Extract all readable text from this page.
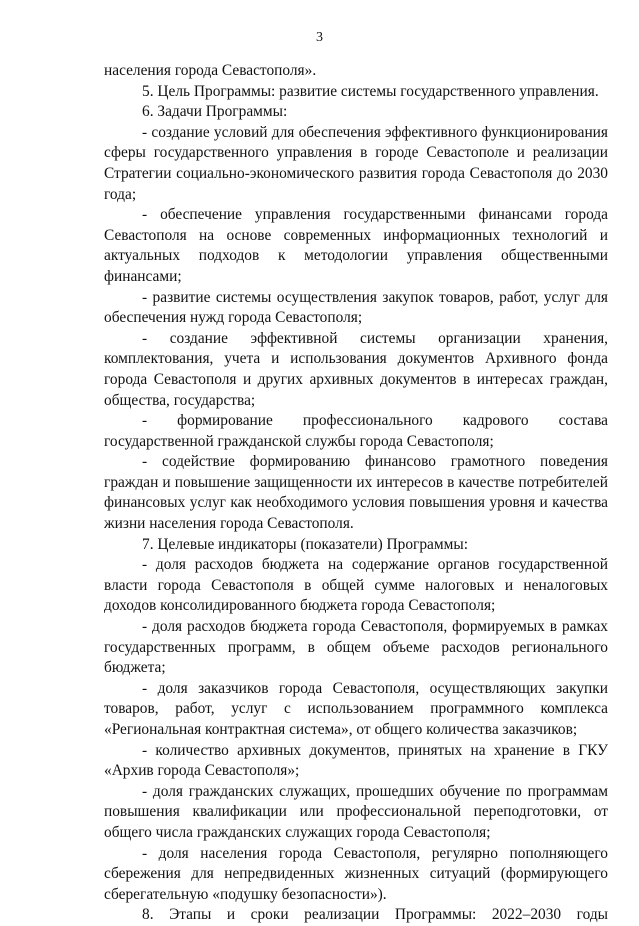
3

населения города Севастополя».

5. Цель Программы: развитие системы государственного управления.

6. Задачи Программы:

- создание условий для обеспечения эффективного функционирования сферы государственного управления в городе Севастополе и реализации Стратегии социально-экономического развития города Севастополя до 2030 года;

- обеспечение управления государственными финансами города Севастополя на основе современных информационных технологий и актуальных подходов к методологии управления общественными финансами;

- развитие системы осуществления закупок товаров, работ, услуг для обеспечения нужд города Севастополя;

- создание эффективной системы организации хранения, комплектования, учета и использования документов Архивного фонда города Севастополя и других архивных документов в интересах граждан, общества, государства;

- формирование профессионального кадрового состава государственной гражданской службы города Севастополя;

- содействие формированию финансово грамотного поведения граждан и повышение защищенности их интересов в качестве потребителей финансовых услуг как необходимого условия повышения уровня и качества жизни населения города Севастополя.

7. Целевые индикаторы (показатели) Программы:

- доля расходов бюджета на содержание органов государственной власти города Севастополя в общей сумме налоговых и неналоговых доходов консолидированного бюджета города Севастополя;

- доля расходов бюджета города Севастополя, формируемых в рамках государственных программ, в общем объеме расходов регионального бюджета;

- доля заказчиков города Севастополя, осуществляющих закупки товаров, работ, услуг с использованием программного комплекса «Региональная контрактная система», от общего количества заказчиков;

- количество архивных документов, принятых на хранение в ГКУ «Архив города Севастополя»;

- доля гражданских служащих, прошедших обучение по программам повышения квалификации или профессиональной переподготовки, от общего числа гражданских служащих города Севастополя;

- доля населения города Севастополя, регулярно пополняющего сбережения для непредвиденных жизненных ситуаций (формирующего сберегательную «подушку безопасности»).

8. Этапы и сроки реализации Программы: 2022–2030 годы
